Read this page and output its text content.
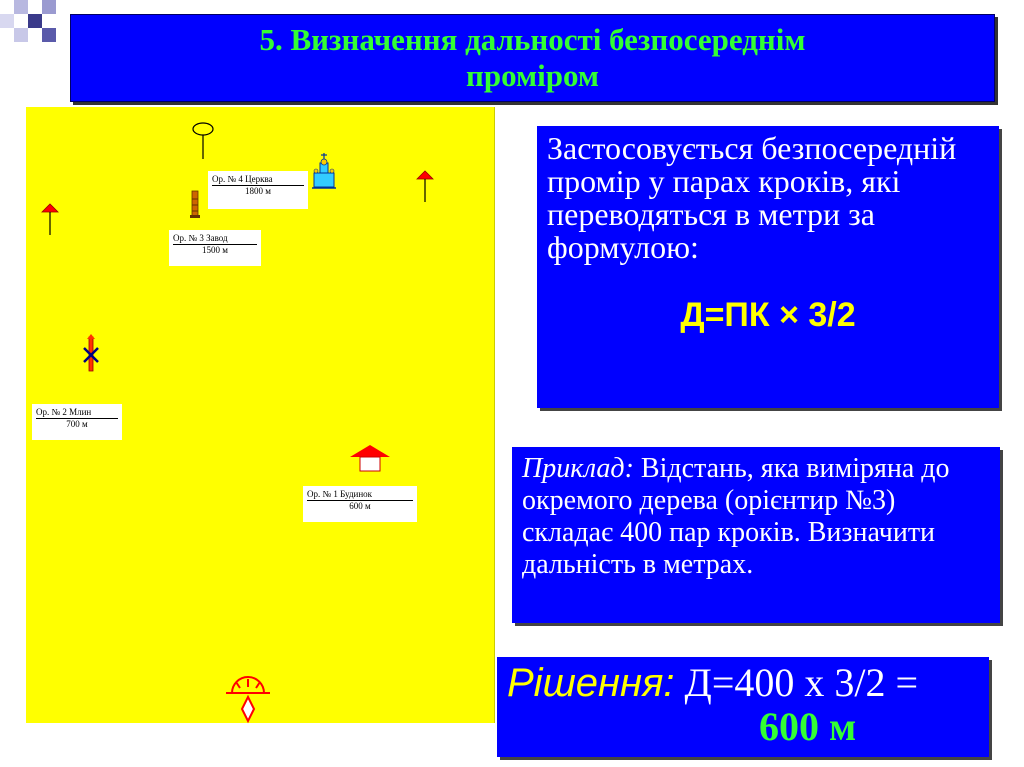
5. Визначення дальності безпосереднім
проміром
Ор. № 4 Церква
1800 м
Ор. № 3 Завод
1500 м
Ор. № 2 Млин
700 м
Ор. № 1 Будинок
600 м
Застосовується безпосередній промір у парах кроків, які переводяться в метри за формулою:
Д=ПК × 3/2
Приклад: Відстань, яка виміряна до окремого дерева (орієнтир №3) складає 400 пар кроків. Визначити дальність в метрах.
Рішення: Д=400 х 3/2 =
600 м
